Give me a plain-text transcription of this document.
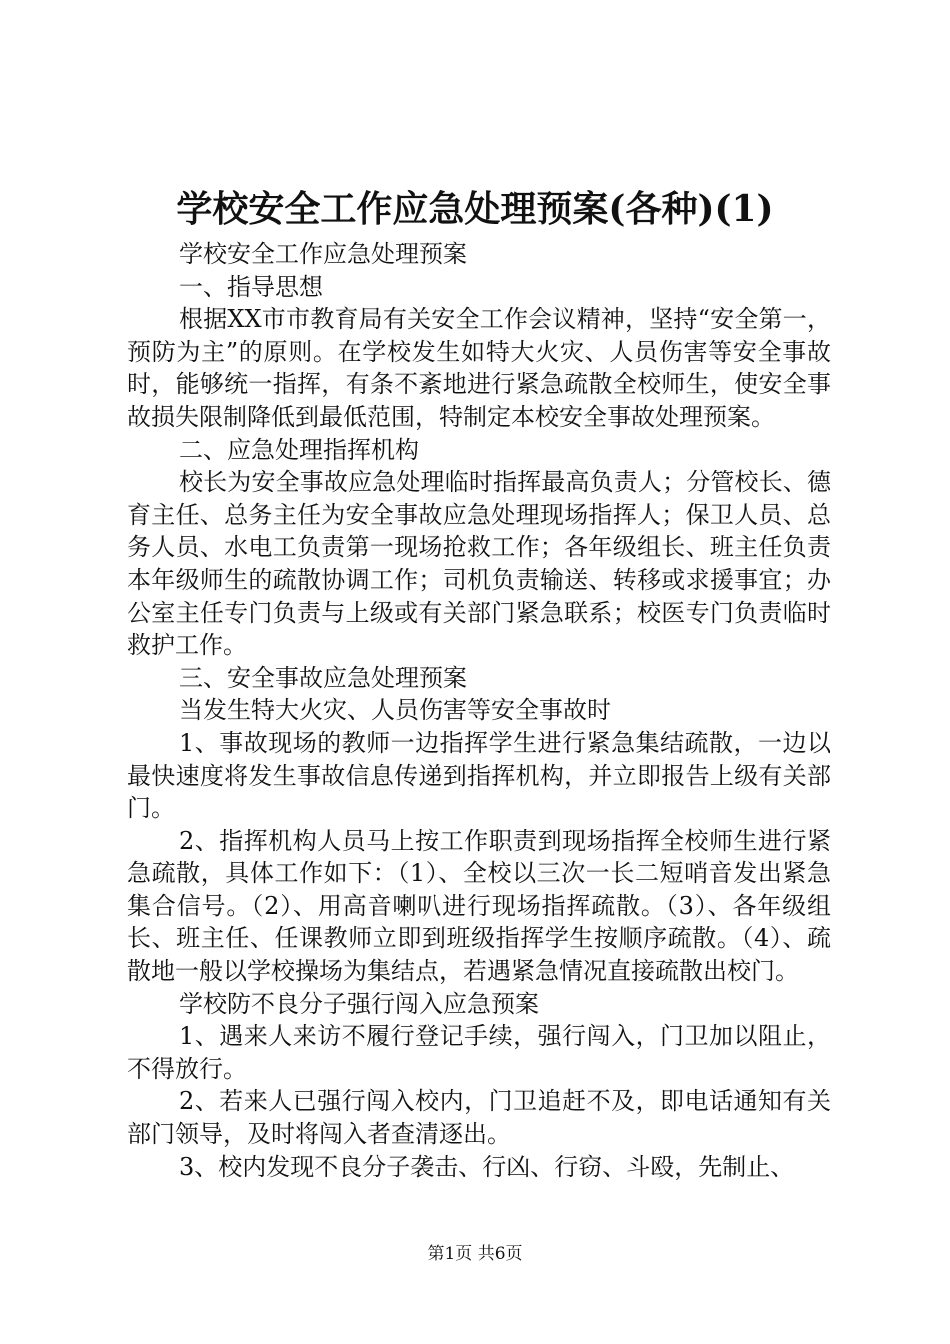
学校安全工作应急处理预案(各种)(1)

学校安全工作应急处理预案

一、指导思想

根据XX市市教育局有关安全工作会议精神，坚持“安全第一，预防为主”的原则。在学校发生如特大火灾、人员伤害等安全事故时，能够统一指挥，有条不紊地进行紧急疏散全校师生，使安全事故损失限制降低到最低范围，特制定本校安全事故处理预案。

二、应急处理指挥机构

校长为安全事故应急处理临时指挥最高负责人；分管校长、德育主任、总务主任为安全事故应急处理现场指挥人；保卫人员、总务人员、水电工负责第一现场抢救工作；各年级组长、班主任负责本年级师生的疏散协调工作；司机负责输送、转移或求援事宜；办公室主任专门负责与上级或有关部门紧急联系；校医专门负责临时救护工作。

三、安全事故应急处理预案

当发生特大火灾、人员伤害等安全事故时

1、事故现场的教师一边指挥学生进行紧急集结疏散，一边以最快速度将发生事故信息传递到指挥机构，并立即报告上级有关部门。

2、指挥机构人员马上按工作职责到现场指挥全校师生进行紧急疏散，具体工作如下：（1）、全校以三次一长二短哨音发出紧急集合信号。（2）、用高音喇叭进行现场指挥疏散。（3）、各年级组长、班主任、任课教师立即到班级指挥学生按顺序疏散。（4）、疏散地一般以学校操场为集结点，若遇紧急情况直接疏散出校门。

学校防不良分子强行闯入应急预案

1、遇来人来访不履行登记手续，强行闯入，门卫加以阻止，不得放行。

2、若来人已强行闯入校内，门卫追赶不及，即电话通知有关部门领导，及时将闯入者查清逐出。

3、校内发现不良分子袭击、行凶、行窃、斗殴，先制止、

第1页 共6页
